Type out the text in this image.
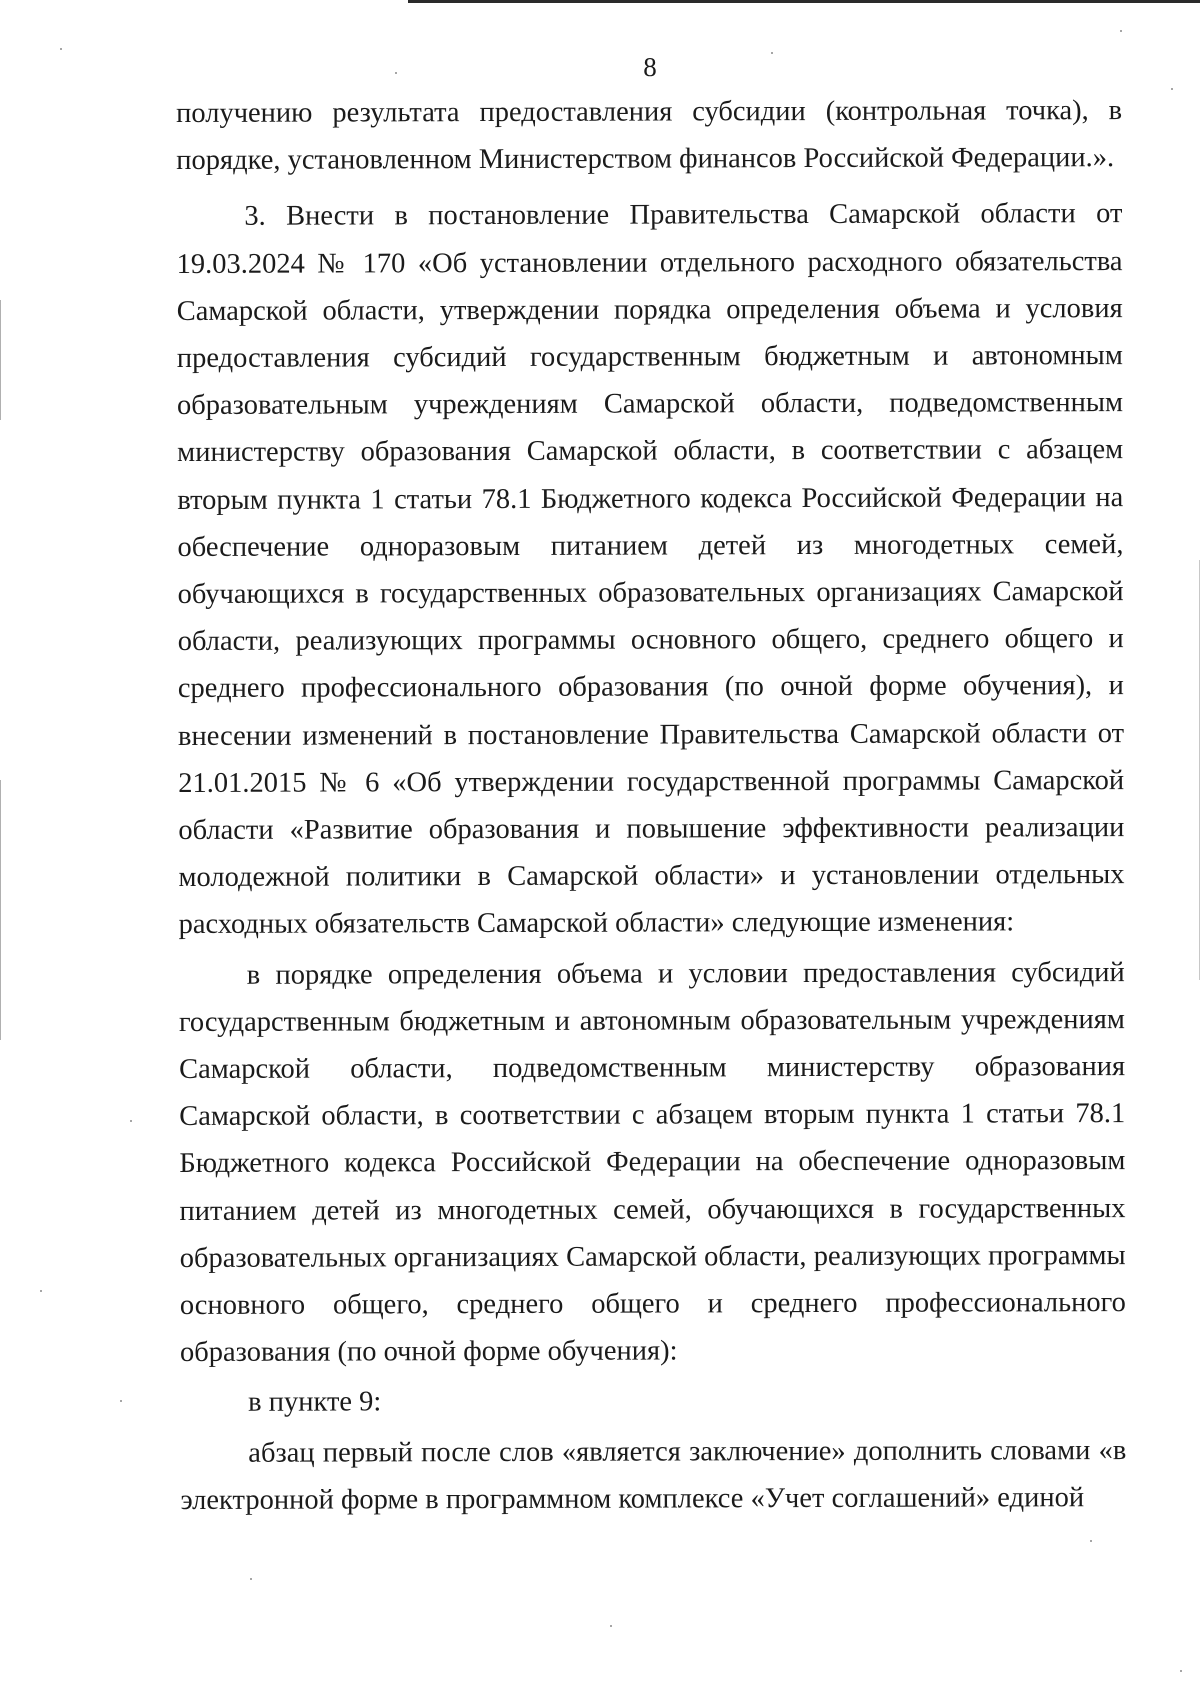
8

получению результата предоставления субсидии (контрольная точка), в порядке, установленном Министерством финансов Российской Федерации.».

3. Внести в постановление Правительства Самарской области от 19.03.2024 № 170 «Об установлении отдельного расходного обязательства Самарской области, утверждении порядка определения объема и условия предоставления субсидий государственным бюджетным и автономным образовательным учреждениям Самарской области, подведомственным министерству образования Самарской области, в соответствии с абзацем вторым пункта 1 статьи 78.1 Бюджетного кодекса Российской Федерации на обеспечение одноразовым питанием детей из многодетных семей, обучающихся в государственных образовательных организациях Самарской области, реализующих программы основного общего, среднего общего и среднего профессионального образования (по очной форме обучения), и внесении изменений в постановление Правительства Самарской области от 21.01.2015 № 6 «Об утверждении государственной программы Самарской области «Развитие образования и повышение эффективности реализации молодежной политики в Самарской области» и установлении отдельных расходных обязательств Самарской области» следующие изменения:

в порядке определения объема и условии предоставления субсидий государственным бюджетным и автономным образовательным учреждениям Самарской области, подведомственным министерству образования Самарской области, в соответствии с абзацем вторым пункта 1 статьи 78.1 Бюджетного кодекса Российской Федерации на обеспечение одноразовым питанием детей из многодетных семей, обучающихся в государственных образовательных организациях Самарской области, реализующих программы основного общего, среднего общего и среднего профессионального образования (по очной форме обучения):

в пункте 9:

абзац первый после слов «является заключение» дополнить словами «в электронной форме в программном комплексе «Учет соглашений» единой
